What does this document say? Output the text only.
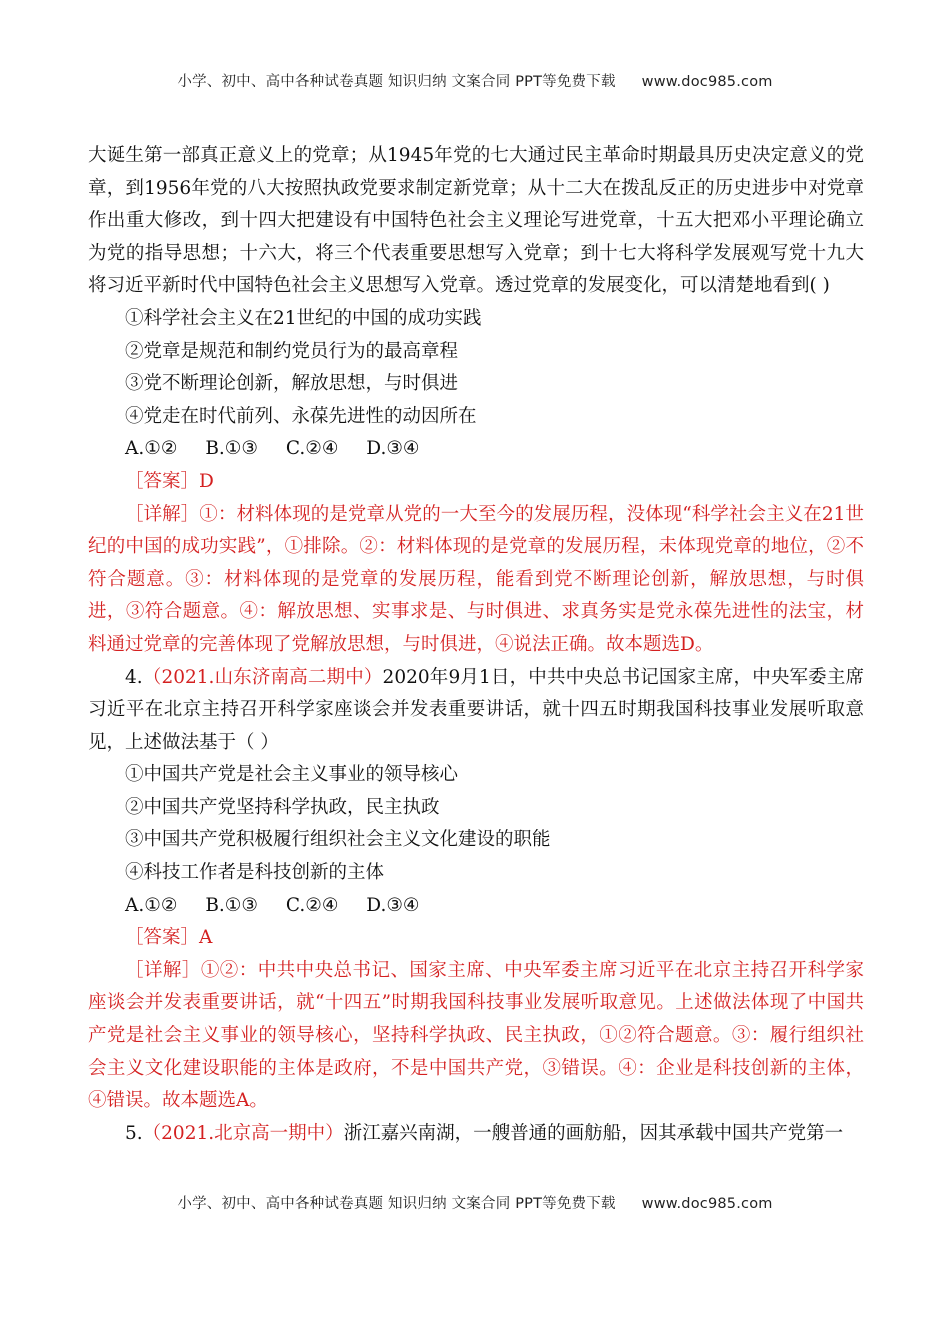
小学、初中、高中各种试卷真题 知识归纳 文案合同 PPT等免费下载 www.doc985.com

大诞生第一部真正意义上的党章；从1945年党的七大通过民主革命时期最具历史决定意义的党章，到1956年党的八大按照执政党要求制定新党章；从十二大在拨乱反正的历史进步中对党章作出重大修改，到十四大把建设有中国特色社会主义理论写进党章，十五大把邓小平理论确立为党的指导思想；十六大，将三个代表重要思想写入党章；到十七大将科学发展观写党十九大将习近平新时代中国特色社会主义思想写入党章。透过党章的发展变化，可以清楚地看到( )

①科学社会主义在21世纪的中国的成功实践

②党章是规范和制约党员行为的最高章程

③党不断理论创新，解放思想，与时俱进

④党走在时代前列、永葆先进性的动因所在

A.①② B.①③ C.②④ D.③④

［答案］D

［详解］①：材料体现的是党章从党的一大至今的发展历程，没体现“科学社会主义在21世纪的中国的成功实践”，①排除。②：材料体现的是党章的发展历程，未体现党章的地位，②不符合题意。③：材料体现的是党章的发展历程，能看到党不断理论创新，解放思想，与时俱进，③符合题意。④：解放思想、实事求是、与时俱进、求真务实是党永葆先进性的法宝，材料通过党章的完善体现了党解放思想，与时俱进，④说法正确。故本题选D。

4.（2021.山东济南高二期中）2020年9月1日，中共中央总书记国家主席，中央军委主席习近平在北京主持召开科学家座谈会并发表重要讲话，就十四五时期我国科技事业发展听取意见，上述做法基于（ ）

①中国共产党是社会主义事业的领导核心

②中国共产党坚持科学执政，民主执政

③中国共产党积极履行组织社会主义文化建设的职能

④科技工作者是科技创新的主体

A.①② B.①③ C.②④ D.③④

［答案］A

［详解］①②：中共中央总书记、国家主席、中央军委主席习近平在北京主持召开科学家座谈会并发表重要讲话，就“十四五”时期我国科技事业发展听取意见。上述做法体现了中国共产党是社会主义事业的领导核心，坚持科学执政、民主执政，①②符合题意。③：履行组织社会主义文化建设职能的主体是政府，不是中国共产党，③错误。④：企业是科技创新的主体，④错误。故本题选A。

5.（2021.北京高一期中）浙江嘉兴南湖，一艘普通的画舫船，因其承载中国共产党第一

小学、初中、高中各种试卷真题 知识归纳 文案合同 PPT等免费下载 www.doc985.com
